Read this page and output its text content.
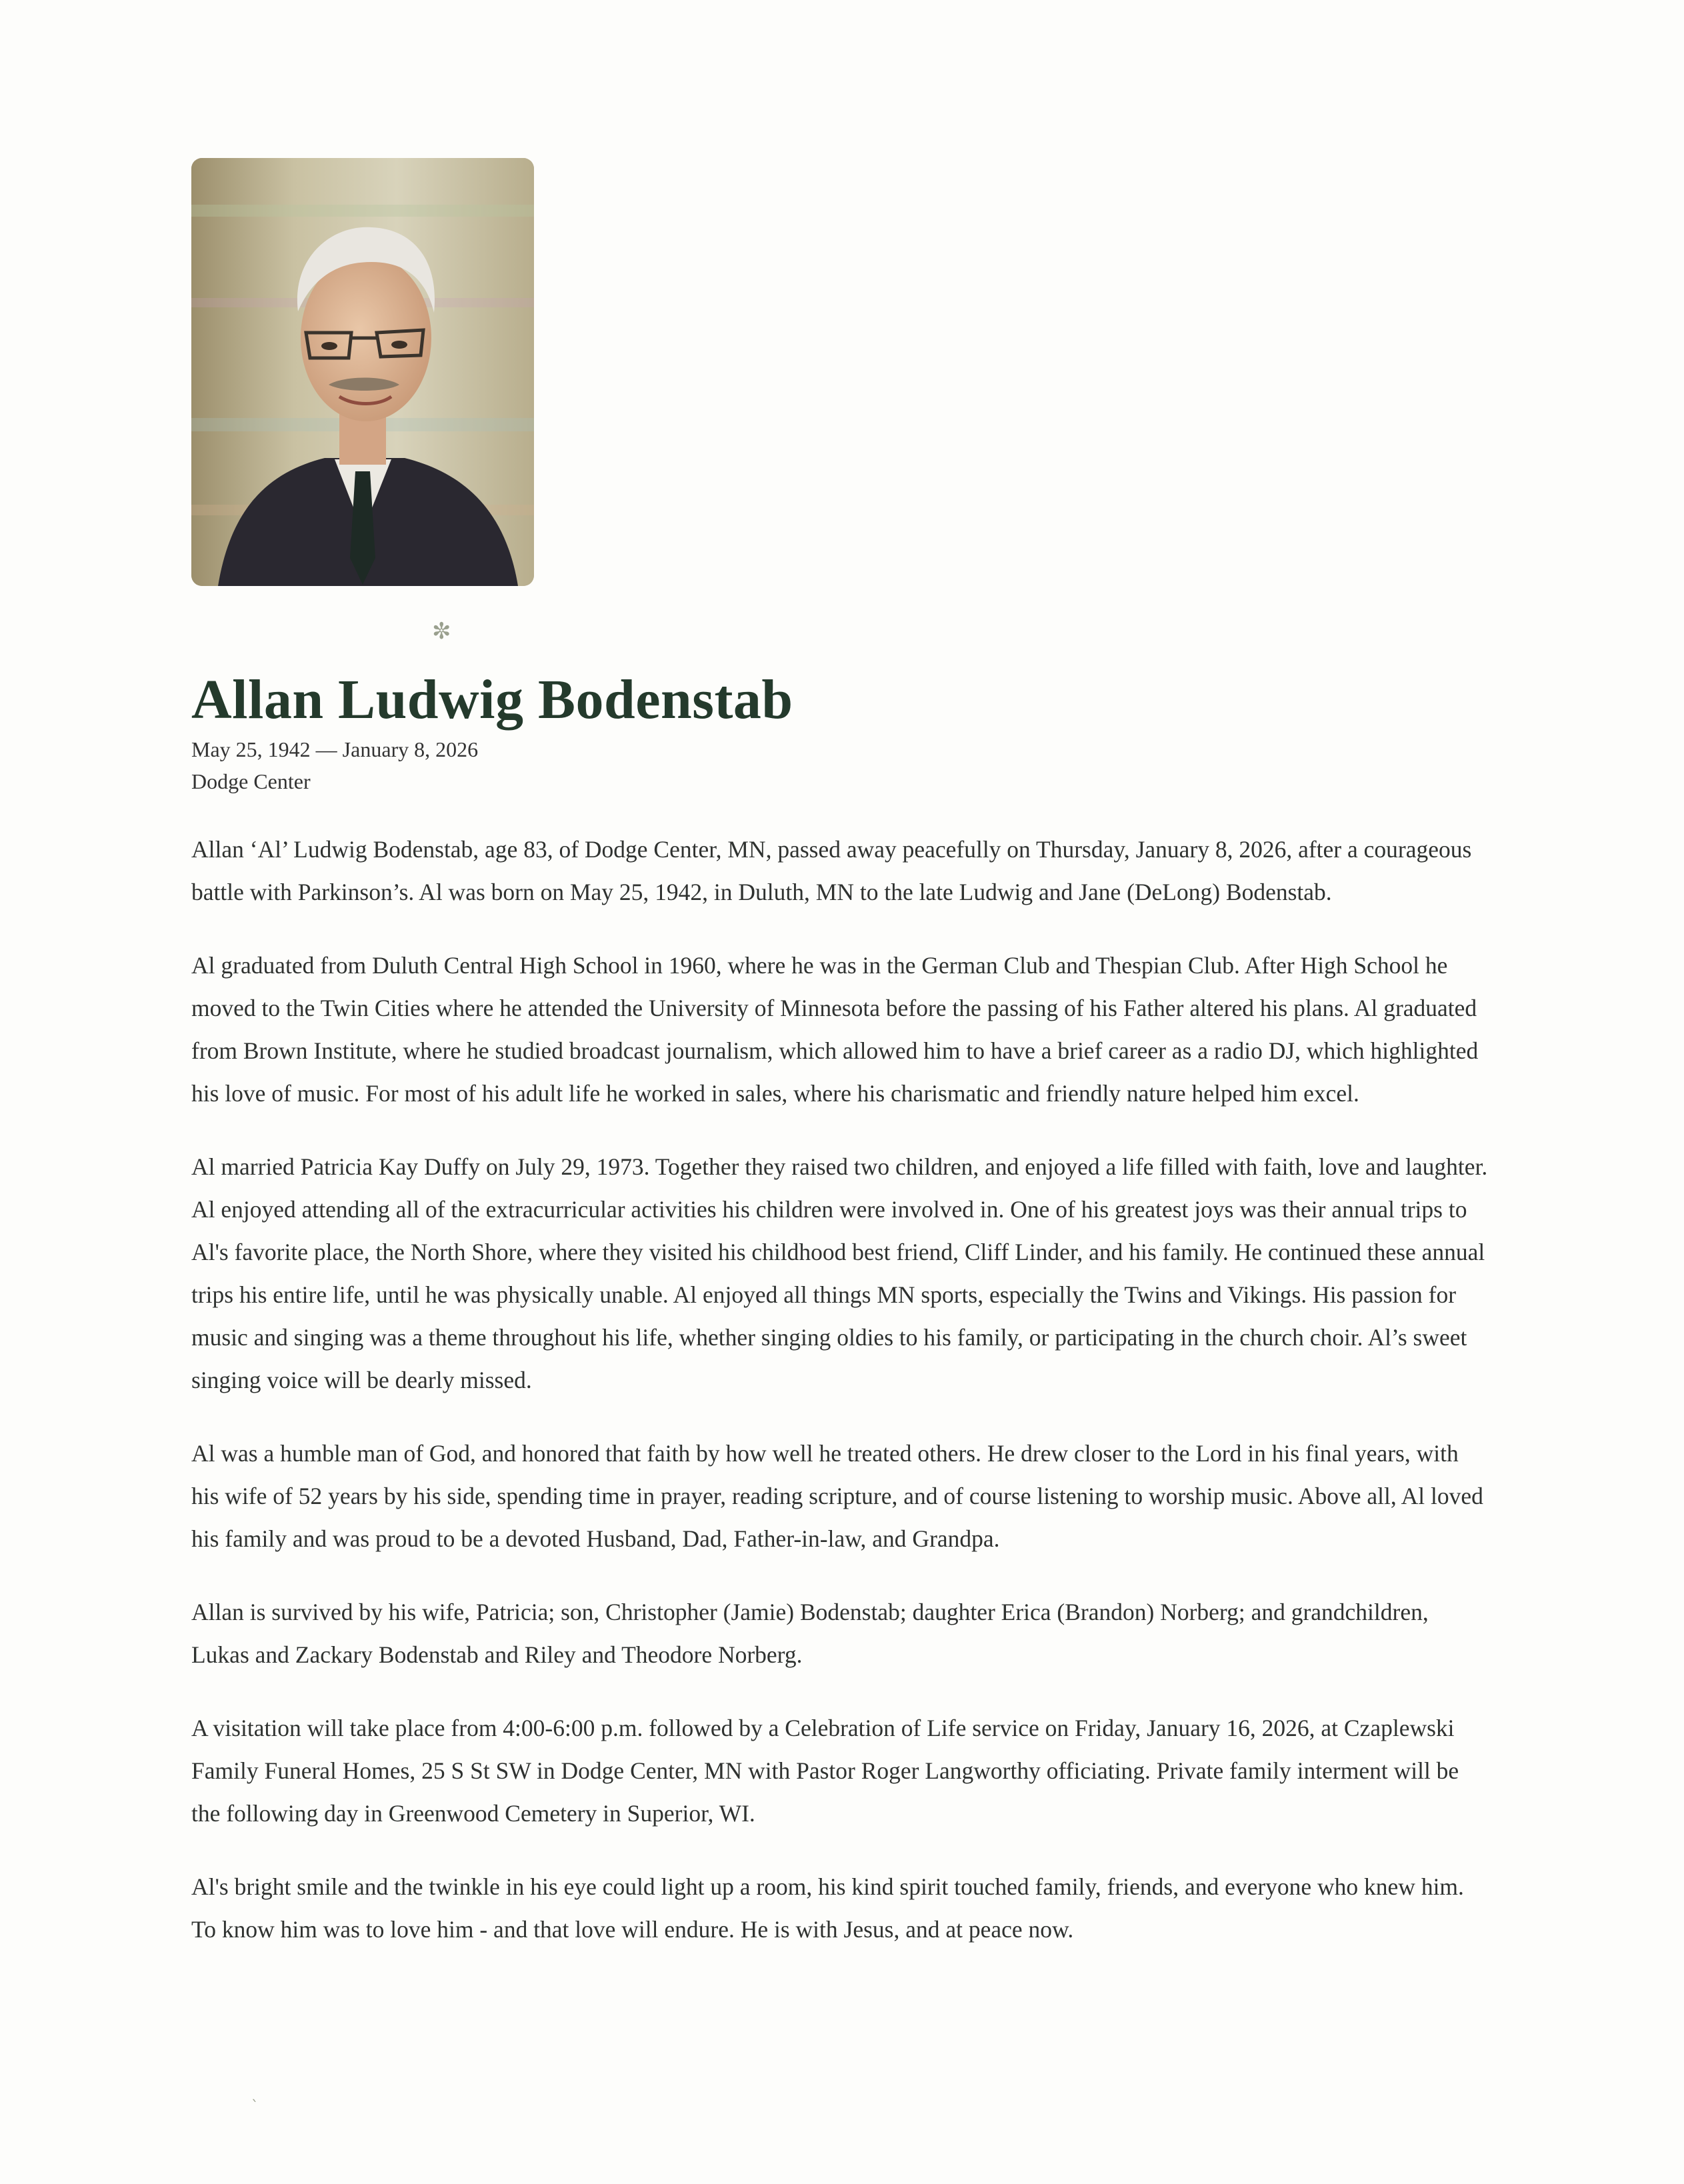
✼
ˋ
Allan Ludwig Bodenstab
May 25, 1942 — January 8, 2026
Dodge Center

Allan ‘Al’ Ludwig Bodenstab, age 83, of Dodge Center, MN, passed away peacefully on Thursday, January 8, 2026, after a courageous battle with Parkinson’s. Al was born on May 25, 1942, in Duluth, MN to the late Ludwig and Jane (DeLong) Bodenstab.

Al graduated from Duluth Central High School in 1960, where he was in the German Club and Thespian Club. After High School he moved to the Twin Cities where he attended the University of Minnesota before the passing of his Father altered his plans. Al graduated from Brown Institute, where he studied broadcast journalism, which allowed him to have a brief career as a radio DJ, which highlighted his love of music. For most of his adult life he worked in sales, where his charismatic and friendly nature helped him excel.

Al married Patricia Kay Duffy on July 29, 1973. Together they raised two children, and enjoyed a life filled with faith, love and laughter. Al enjoyed attending all of the extracurricular activities his children were involved in. One of his greatest joys was their annual trips to Al's favorite place, the North Shore, where they visited his childhood best friend, Cliff Linder, and his family. He continued these annual trips his entire life, until he was physically unable. Al enjoyed all things MN sports, especially the Twins and Vikings. His passion for music and singing was a theme throughout his life, whether singing oldies to his family, or participating in the church choir. Al’s sweet singing voice will be dearly missed.

Al was a humble man of God, and honored that faith by how well he treated others. He drew closer to the Lord in his final years, with his wife of 52 years by his side, spending time in prayer, reading scripture, and of course listening to worship music. Above all, Al loved his family and was proud to be a devoted Husband, Dad, Father-in-law, and Grandpa.

Allan is survived by his wife, Patricia; son, Christopher (Jamie) Bodenstab; daughter Erica (Brandon) Norberg; and grandchildren, Lukas and Zackary Bodenstab and Riley and Theodore Norberg.

A visitation will take place from 4:00-6:00 p.m. followed by a Celebration of Life service on Friday, January 16, 2026, at Czaplewski Family Funeral Homes, 25 S St SW in Dodge Center, MN with Pastor Roger Langworthy officiating. Private family interment will be the following day in Greenwood Cemetery in Superior, WI.

Al's bright smile and the twinkle in his eye could light up a room, his kind spirit touched family, friends, and everyone who knew him. To know him was to love him - and that love will endure. He is with Jesus, and at peace now.
